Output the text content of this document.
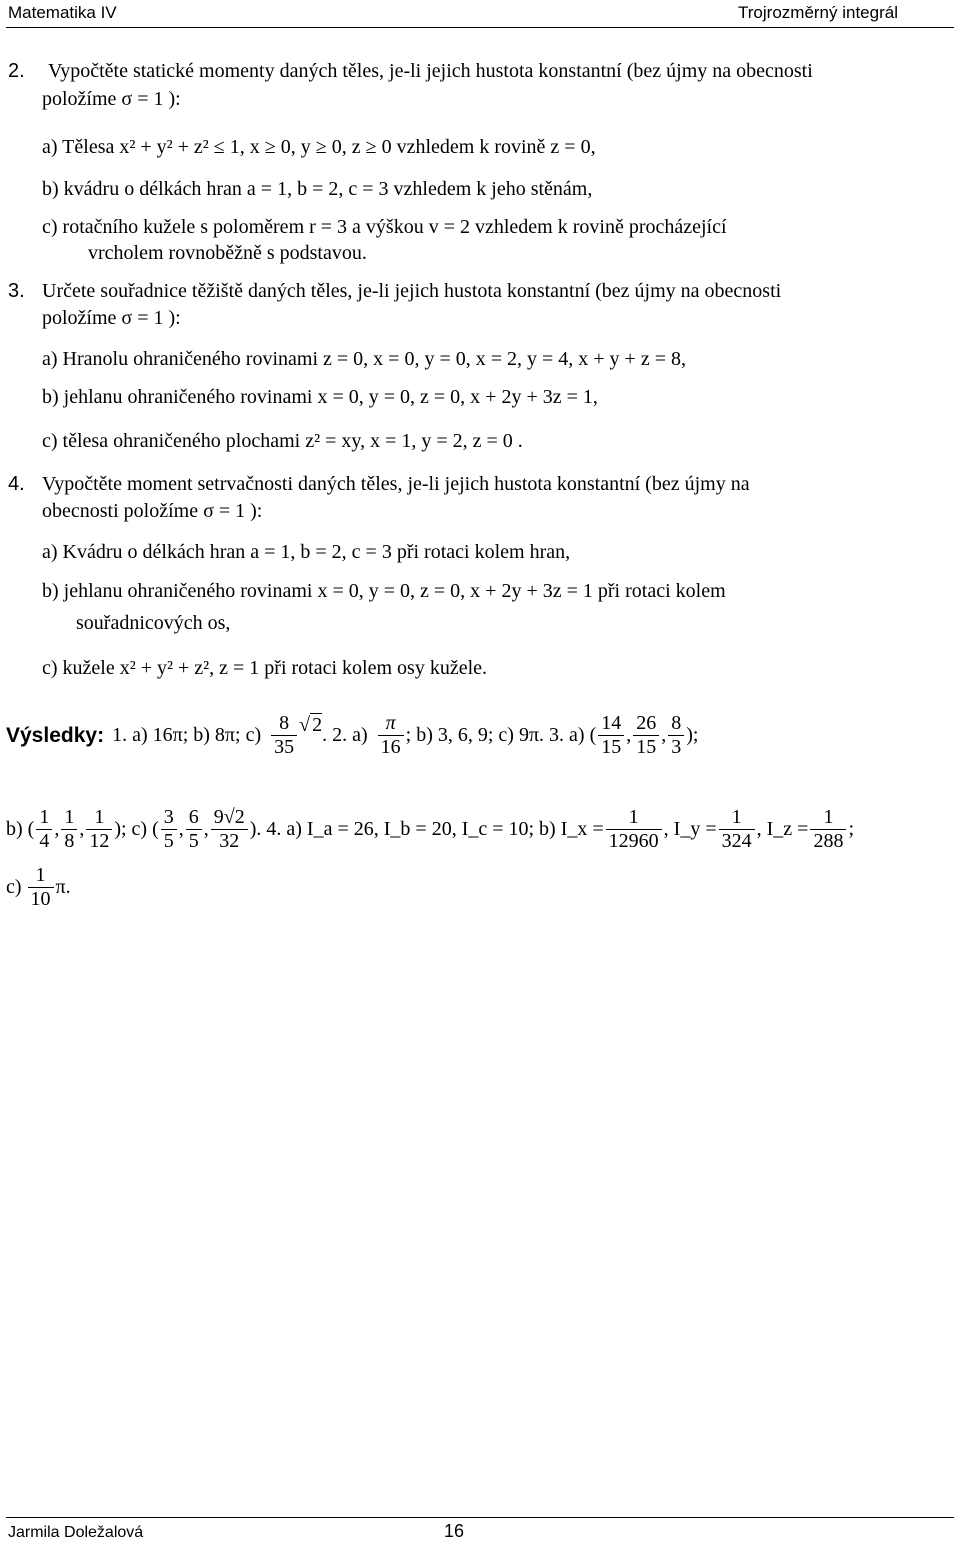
Matematika IV	Trojrozměrný integrál
2. Vypočtěte statické momenty daných těles, je-li jejich hustota konstantní (bez újmy na obecnosti
položíme σ = 1 ):
a) Tělesa x² + y² + z² ≤ 1, x ≥ 0, y ≥ 0, z ≥ 0 vzhledem k rovině z = 0,
b) kvádru o délkách hran a = 1, b = 2, c = 3 vzhledem k jeho stěnám,
c) rotačního kužele s poloměrem r = 3 a výškou v = 2 vzhledem k rovině procházející
vrcholem rovnoběžně s podstavou.
3. Určete souřadnice těžiště daných těles, je-li jejich hustota konstantní (bez újmy na obecnosti
položíme σ = 1 ):
a) Hranolu ohraničeného rovinami z = 0, x = 0, y = 0, x = 2, y = 4, x + y + z = 8,
b) jehlanu ohraničeného rovinami x = 0, y = 0, z = 0, x + 2y + 3z = 1,
c) tělesa ohraničeného plochami z² = xy, x = 1, y = 2, z = 0 .
4. Vypočtěte moment setrvačnosti daných těles, je-li jejich hustota konstantní (bez újmy na
obecnosti položíme σ = 1 ):
a) Kvádru o délkách hran a = 1, b = 2, c = 3 při rotaci kolem hran,
b) jehlanu ohraničeného rovinami x = 0, y = 0, z = 0, x + 2y + 3z = 1 při rotaci kolem
souřadnicových os,
c) kužele x² + y² + z², z = 1 při rotaci kolem osy kužele.
Výsledky: 1. a) 16π; b) 8π; $c) \frac{8}{35}$ √ 2 . 2. $a) \frac{\pi}{16}$ ; b) 3, 6, 9; c) 9π. 3. a) ( $\frac{14}{15}$ , $\frac{26}{15}$ , $\frac{8}{3}$ );
b) ( $\frac{1}{4}$ , $\frac{1}{8}$ , $\frac{1}{12}$ ); c) ( $\frac{3}{5}$ , $\frac{6}{5}$ , $\frac{9√2}{32}$ ). 4. a) I_a = 26, I_b = 20, I_c = 10; b) I_x = $\frac{1}{12960}$ , I_y = $\frac{1}{324}$ , I_z = $\frac{1}{288}$ ;
$c) \frac{1}{10} \pi$.
Jarmila Doležalová	16
